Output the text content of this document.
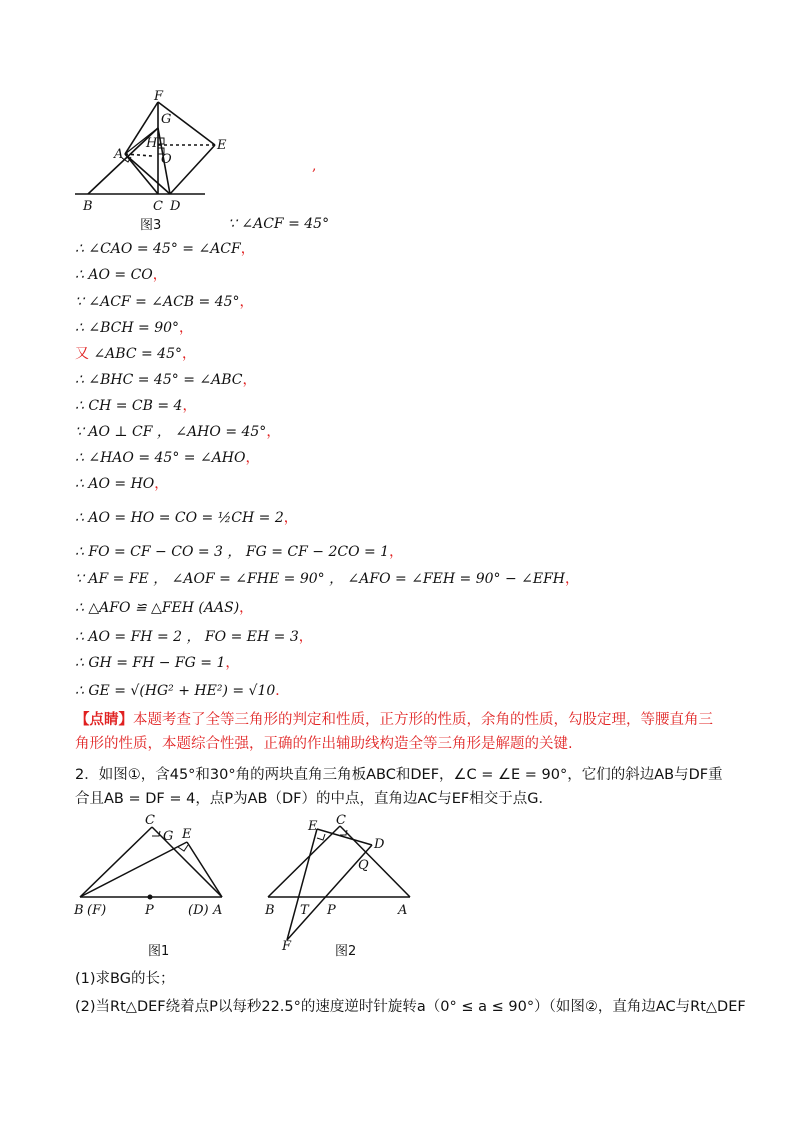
F
G
E
H
O
A
B	C D
图3
,
∵ ∠ACF = 45°
∴ ∠CAO = 45° = ∠ACF，
∴ AO = CO，
∵ ∠ACF = ∠ACB = 45°，
∴ ∠BCH = 90°，
又 ∠ABC = 45°，
∴ ∠BHC = 45° = ∠ABC，
∴ CH = CB = 4，
∵ AO ⊥ CF ， ∠AHO = 45°，
∴ ∠HAO = 45° = ∠AHO，
∴ AO = HO，
∴ AO = HO = CO = ½CH = 2，
∴ FO = CF − CO = 3 ， FG = CF − 2CO = 1，
∵ AF = FE ， ∠AOF = ∠FHE = 90° ， ∠AFO = ∠FEH = 90° − ∠EFH，
∴ △AFO ≌ △FEH (AAS)，
∴ AO = FH = 2 ， FO = EH = 3，
∴ GH = FH − FG = 1，
∴ GE = √(HG² + HE²) = √10．
【点睛】本题考查了全等三角形的判定和性质，正方形的性质，余角的性质，勾股定理，等腰直角三角形的性质，本题综合性强，正确的作出辅助线构造全等三角形是解题的关键.
2．如图①，含45°和30°角的两块直角三角板ABC和DEF，∠C = ∠E = 90°，它们的斜边AB与DF重合且AB = DF = 4，点P为AB（DF）的中点，直角边AC与EF相交于点G．
C
G E
B (F)	P	(D) A
图1
E C
D
Q
B T P	A
F	图2
(1)求BG的长；
(2)当Rt△DEF绕着点P以每秒22.5°的速度逆时针旋转a（0° ≤ a ≤ 90°）（如图②，直角边AC与Rt△DEF
